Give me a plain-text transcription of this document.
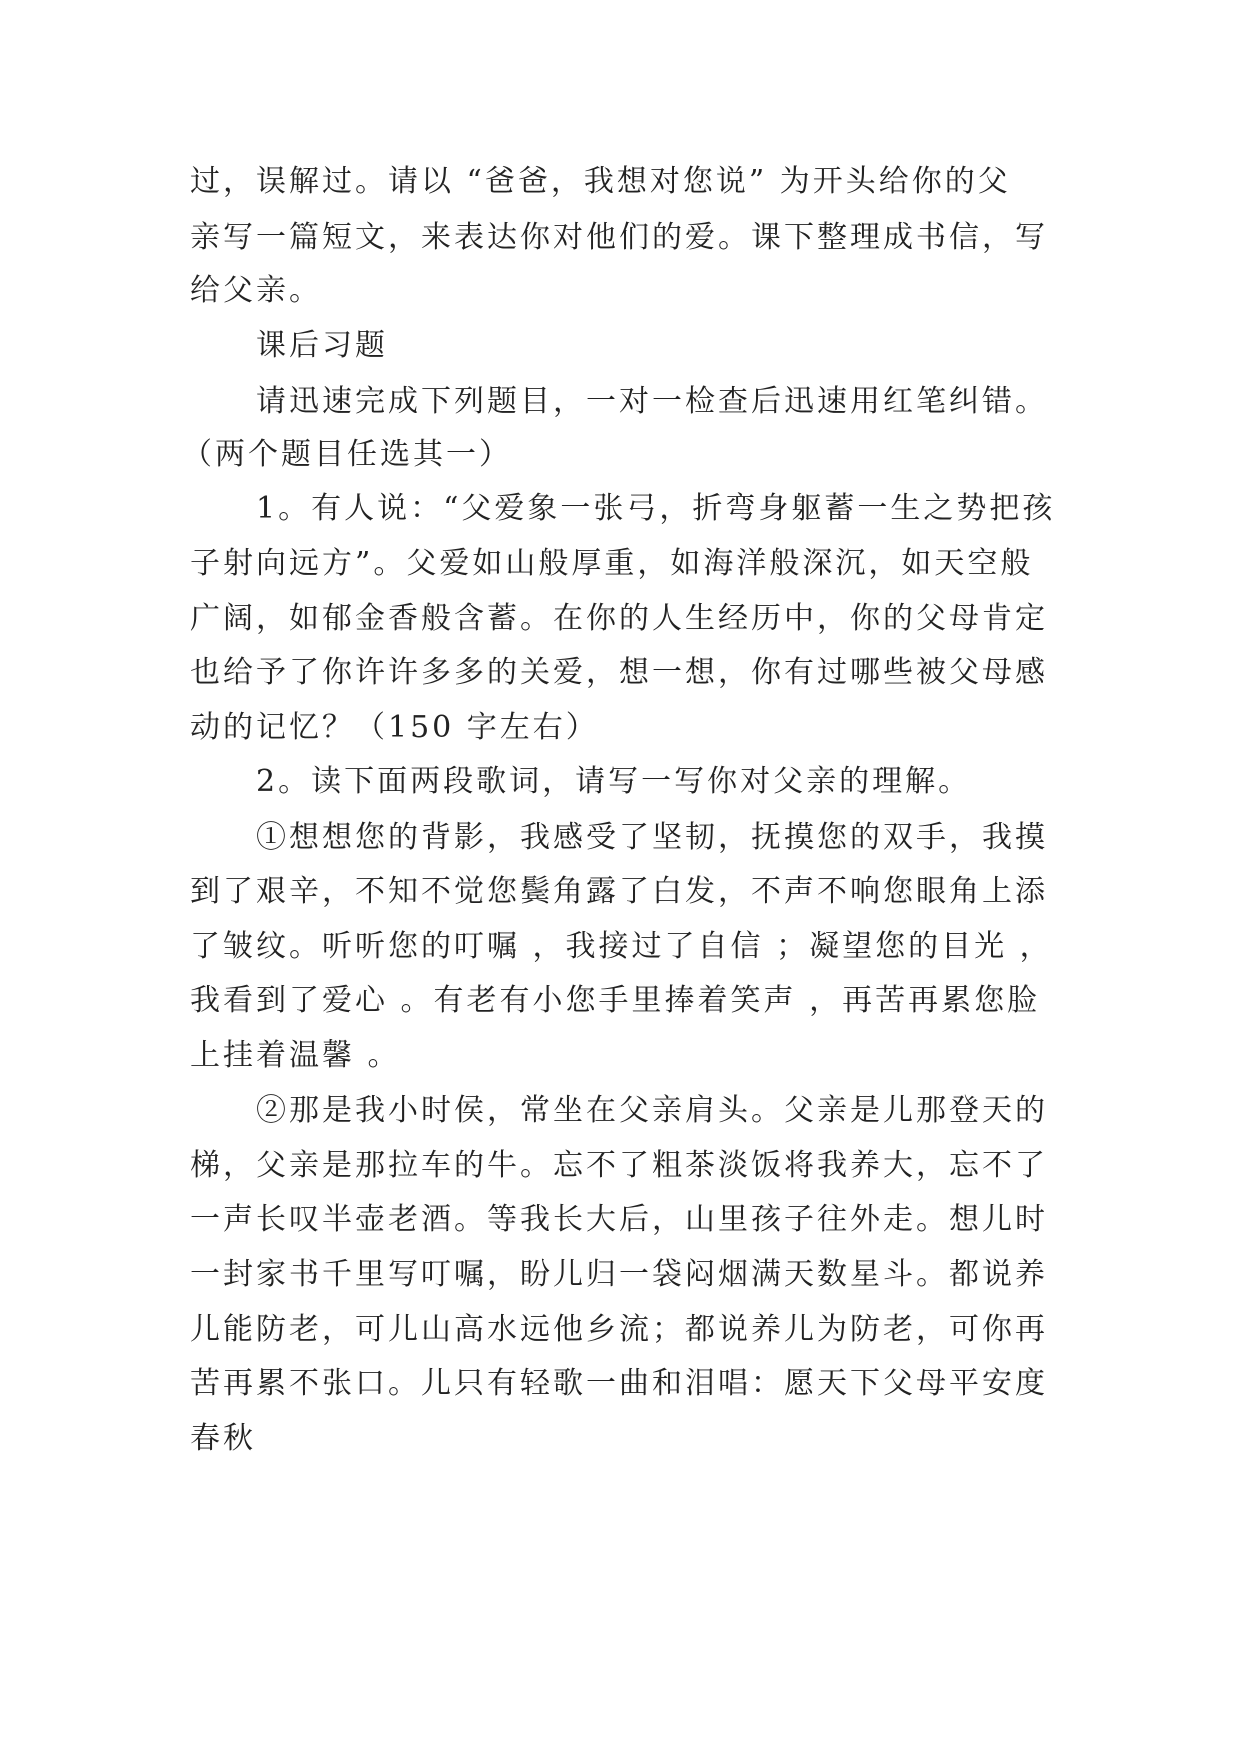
过，误解过。请以 “爸爸，我想对您说” 为开头给你的父
亲写一篇短文，来表达你对他们的爱。课下整理成书信，写
给父亲。
课后习题
请迅速完成下列题目，一对一检查后迅速用红笔纠错。
（两个题目任选其一）
1。有人说：“父爱象一张弓，折弯身躯蓄一生之势把孩
子射向远方”。父爱如山般厚重，如海洋般深沉，如天空般
广阔，如郁金香般含蓄。在你的人生经历中，你的父母肯定
也给予了你许许多多的关爱，想一想，你有过哪些被父母感
动的记忆？（150 字左右）
2。读下面两段歌词，请写一写你对父亲的理解。
①想想您的背影，我感受了坚韧，抚摸您的双手，我摸
到了艰辛，不知不觉您鬓角露了白发，不声不响您眼角上添
了皱纹。听听您的叮嘱 ，我接过了自信 ；凝望您的目光 ，
我看到了爱心 。有老有小您手里捧着笑声 ，再苦再累您脸
上挂着温馨 。
②那是我小时侯，常坐在父亲肩头。父亲是儿那登天的
梯，父亲是那拉车的牛。忘不了粗茶淡饭将我养大，忘不了
一声长叹半壶老酒。等我长大后，山里孩子往外走。想儿时
一封家书千里写叮嘱，盼儿归一袋闷烟满天数星斗。都说养
儿能防老，可儿山高水远他乡流；都说养儿为防老，可你再
苦再累不张口。儿只有轻歌一曲和泪唱：愿天下父母平安度
春秋
